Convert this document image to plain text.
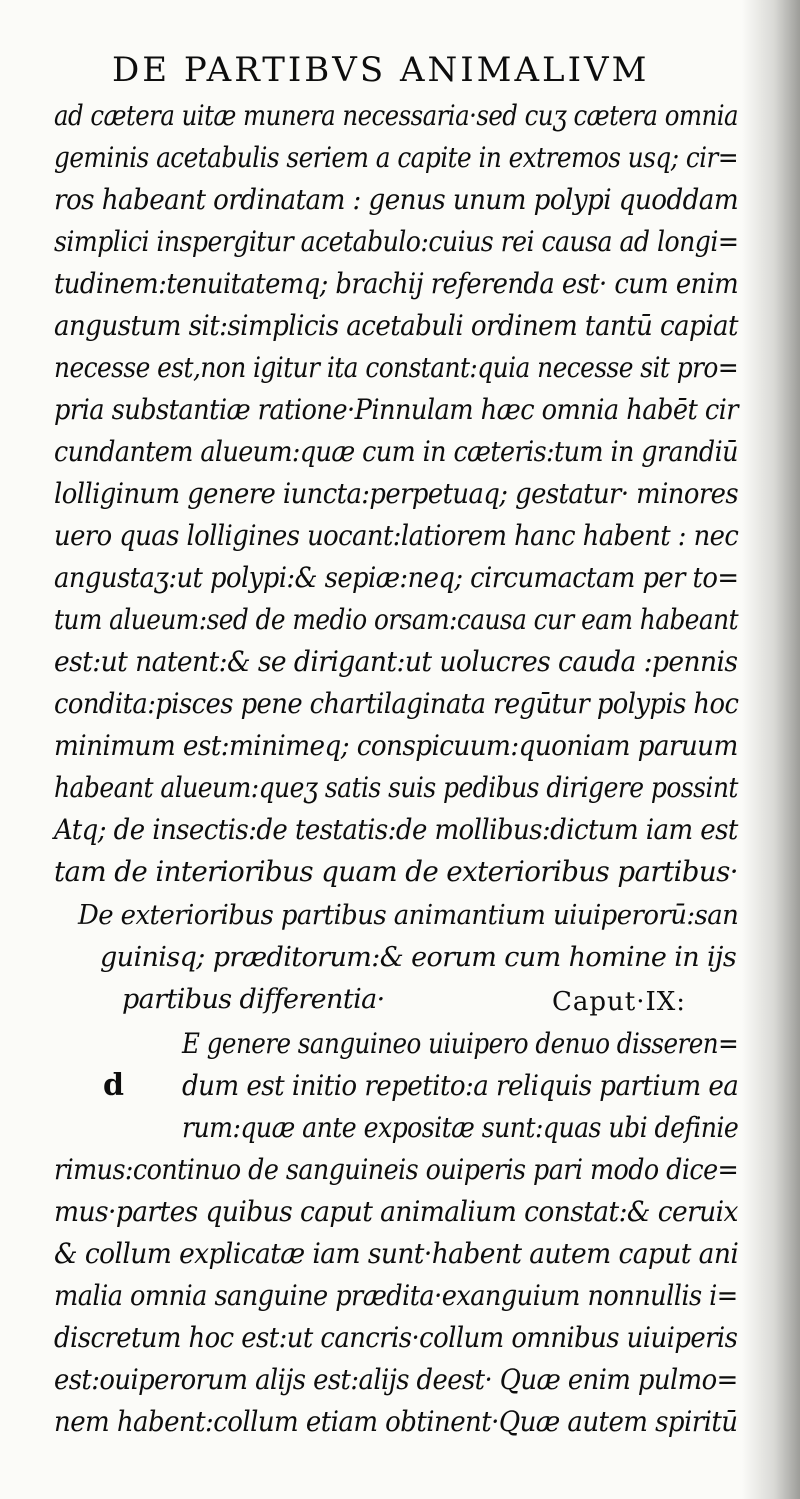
DE PARTIBVS ANIMALIVM
ad cætera uitæ munera necessaria·sed cuʒ cætera omnia
geminis acetabulis seriem a capite in extremos usq; cir=
ros habeant ordinatam : genus unum polypi quoddam
simplici inspergitur acetabulo:cuius rei causa ad longi=
tudinem:tenuitatemq; brachij referenda est· cum enim
angustum sit:simplicis acetabuli ordinem tantū capiat
necesse est,non igitur ita constant:quia necesse sit pro=
pria substantiæ ratione·Pinnulam hæc omnia habēt cir
cundantem alueum:quæ cum in cæteris:tum in grandiū
lolliginum genere iuncta:perpetuaq; gestatur· minores
uero quas lolligines uocant:latiorem hanc habent : nec
angustaʒ:ut polypi:& sepiæ:neq; circumactam per to=
tum alueum:sed de medio orsam:causa cur eam habeant
est:ut natent:& se dirigant:ut uolucres cauda :pennis
condita:pisces pene chartilaginata regūtur polypis hoc
minimum est:minimeq; conspicuum:quoniam paruum
habeant alueum:queʒ satis suis pedibus dirigere possint
Atq; de insectis:de testatis:de mollibus:dictum iam est
tam de interioribus quam de exterioribus partibus·
De exterioribus partibus animantium uiuiperorū:san
guinisq; præditorum:& eorum cum homine in ijs
partibus differentia·	Caput·IX:
d
E genere sanguineo uiuipero denuo disseren=
dum est initio repetito:a reliquis partium ea
rum:quæ ante expositæ sunt:quas ubi definie
rimus:continuo de sanguineis ouiperis pari modo dice=
mus·partes quibus caput animalium constat:& ceruix
& collum explicatæ iam sunt·habent autem caput ani
malia omnia sanguine prædita·exanguium nonnullis i=
discretum hoc est:ut cancris·collum omnibus uiuiperis
est:ouiperorum alijs est:alijs deest· Quæ enim pulmo=
nem habent:collum etiam obtinent·Quæ autem spiritū
